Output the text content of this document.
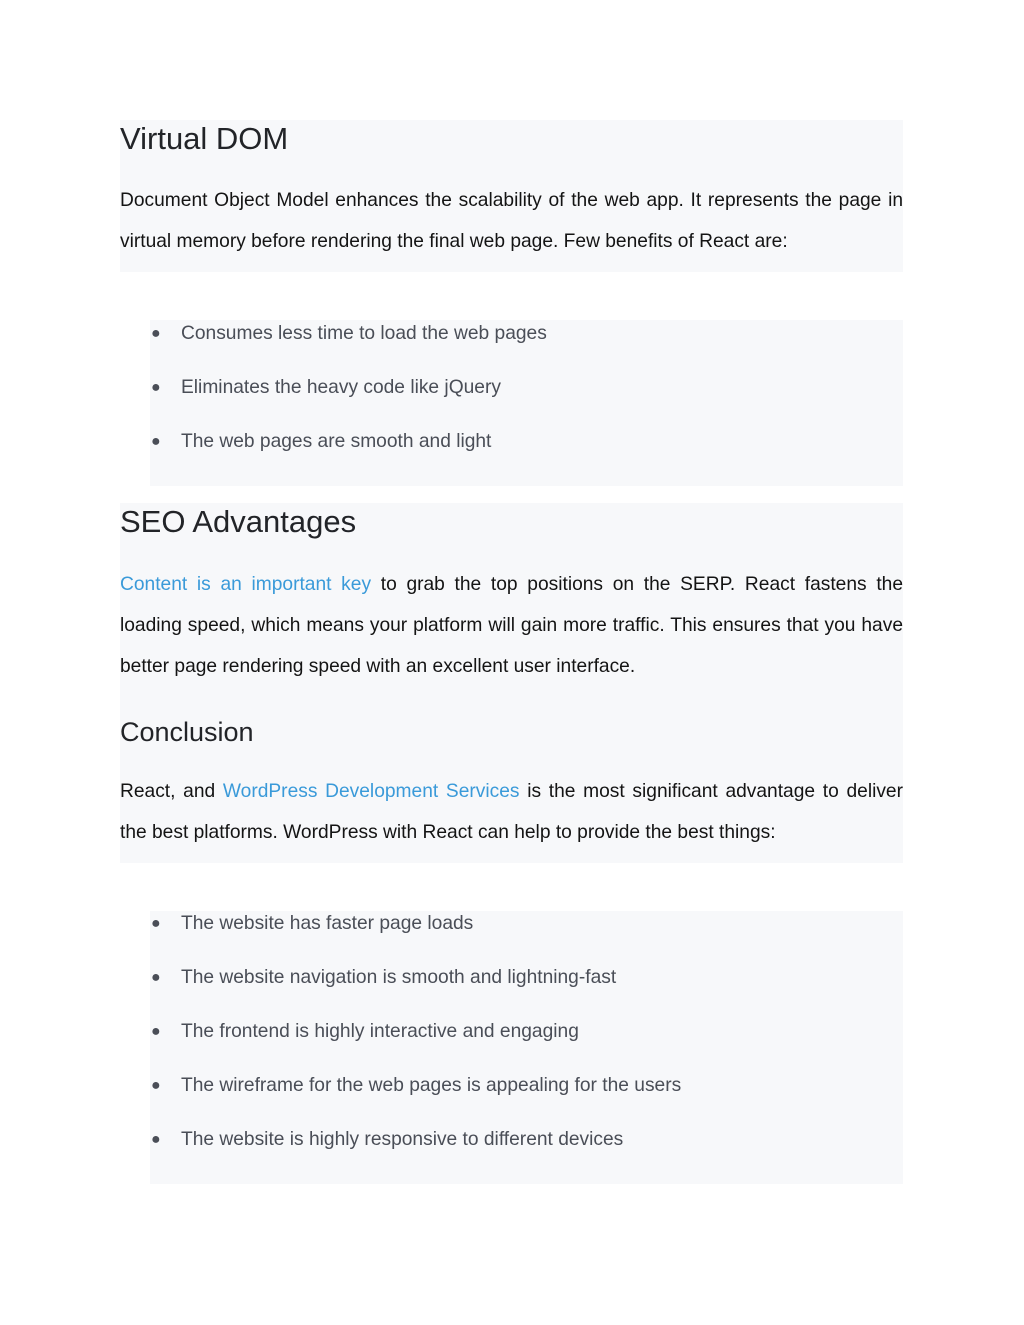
Virtual DOM

Document Object Model enhances the scalability of the web app. It represents the page in virtual memory before rendering the final web page. Few benefits of React are:

● Consumes less time to load the web pages
● Eliminates the heavy code like jQuery
● The web pages are smooth and light
SEO Advantages

Content is an important key to grab the top positions on the SERP. React fastens the loading speed, which means your platform will gain more traffic. This ensures that you have better page rendering speed with an excellent user interface.

Conclusion

React, and WordPress Development Services is the most significant advantage to deliver the best platforms. WordPress with React can help to provide the best things:

● The website has faster page loads
● The website navigation is smooth and lightning-fast
● The frontend is highly interactive and engaging
● The wireframe for the web pages is appealing for the users
● The website is highly responsive to different devices
